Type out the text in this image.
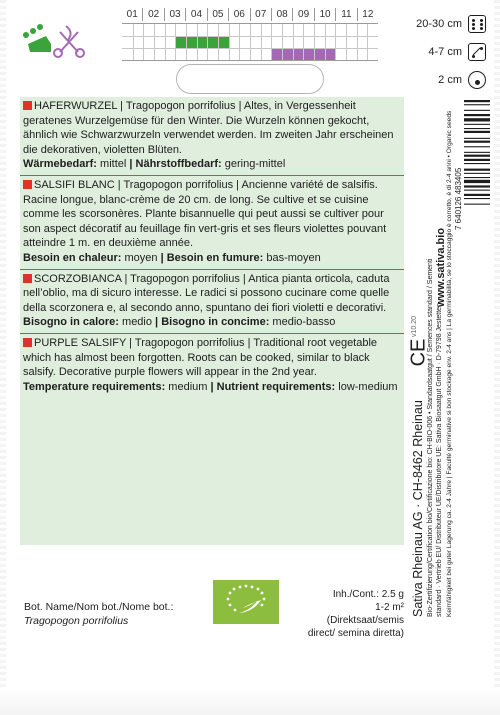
01	02	03	04	05	06	07	08	09	10	11	12
20-30 cm
4-7 cm
2 cm

HAFERWURZEL | Tragopogon porrifolius | Altes, in Vergessenheit geratenes Wurzelgemüse für den Winter. Die Wurzeln können gekocht, ähnlich wie Schwarzwurzeln verwendet werden. Im zweiten Jahr erscheinen die dekorativen, violetten Blüten.

Wärmebedarf: mittel | Nährstoffbedarf: gering-mittel

SALSIFI BLANC | Tragopogon porrifolius | Ancienne variété de salsifis. Racine longue, blanc-crème de 20 cm. de long. Se cultive et se cuisine comme les scorsonères. Plante bisannuelle qui peut aussi se cultiver pour son aspect décoratif au feuillage fin vert-gris et ses fleurs violettes pouvant atteindre 1 m. en deuxième année.

Besoin en chaleur: moyen | Besoin en fumure: bas-moyen

SCORZOBIANCA | Tragopogon porrifolius | Antica pianta orticola, caduta nell’oblio, ma di sicuro interesse. Le radici si possono cucinare come quelle della scorzonera e, al secondo anno, spuntano dei fiori violetti e decorativi.

Bisogno in calore: medio | Bisogno in concime: medio-basso

PURPLE SALSIFY | Tragopogon porrifolius | Traditional root vegetable which has almost been forgotten. Roots can be cooked, similar to black salsify. Decorative purple flowers will appear in the 2nd year.

Temperature requirements: medium | Nutrient requirements: low-medium

Sativa Rheinau AG · CH-8462 Rheinau Bio-Zertifizierung/Certification bio/Certificazione bio: CH-BIO-006 • Standardsaatgut / Semences standard / Sementi standard · Vertrieb EU/ Distributeur UE/Distributore UE: Sativa Biosaatgut GmbH · D-79798 Jestetten Keimfähigkeit bei guter Lagerung ca. 2-4 Jahre | Faculté germinative si bon stockage env. 2-4 ans | La germinabilità, se lo stoccaggio è corretto, è di 2-4 anni • Organic seeds
www.sativa.bio
v10.20
CE
7 640126 483405
Bot. Name/Nom bot./Nome bot.:
Tragopogon porrifolius
Inh./Cont.: 2.5 g
1-2 m² (Direktsaat/semis direct/ semina diretta)
